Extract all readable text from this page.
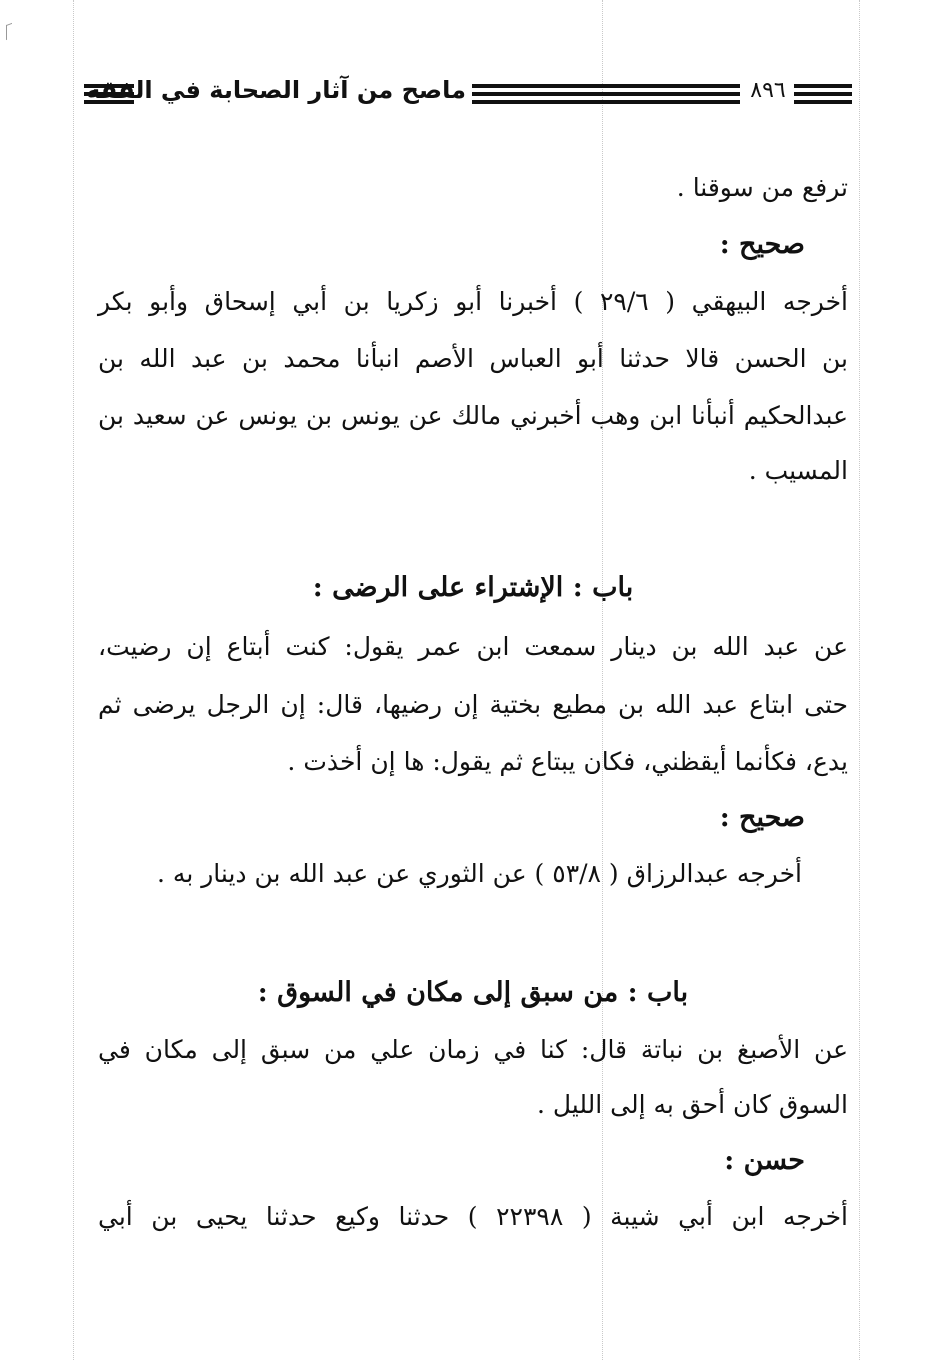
ماصح من آثار الصحابة في الفقه	٨٩٦
ترفع من سوقنا .
صحيح :
أخرجه البيهقي ( ٢٩/٦ ) أخبرنا أبو زكريا بن أبي إسحاق وأبو بكر
بن الحسن قالا حدثنا أبو العباس الأصم انبأنا محمد بن عبد الله بن
عبدالحكيم أنبأنا ابن وهب أخبرني مالك عن يونس بن يونس عن سعيد بن
المسيب .
باب : الإشتراء على الرضى :
عن عبد الله بن دينار سمعت ابن عمر يقول: كنت أبتاع إن رضيت،
حتى ابتاع عبد الله بن مطيع بختية إن رضيها، قال: إن الرجل يرضى ثم
يدع، فكأنما أيقظني، فكان يبتاع ثم يقول: ها إن أخذت .
صحيح :
أخرجه عبدالرزاق ( ٥٣/٨ ) عن الثوري عن عبد الله بن دينار به .
باب : من سبق إلى مكان في السوق :
عن الأصبغ بن نباتة قال: كنا في زمان علي من سبق إلى مكان في
السوق كان أحق به إلى الليل .
حسن :
أخرجه ابن أبي شيبة ( ٢٢٣٩٨ ) حدثنا وكيع حدثنا يحيى بن أبي
